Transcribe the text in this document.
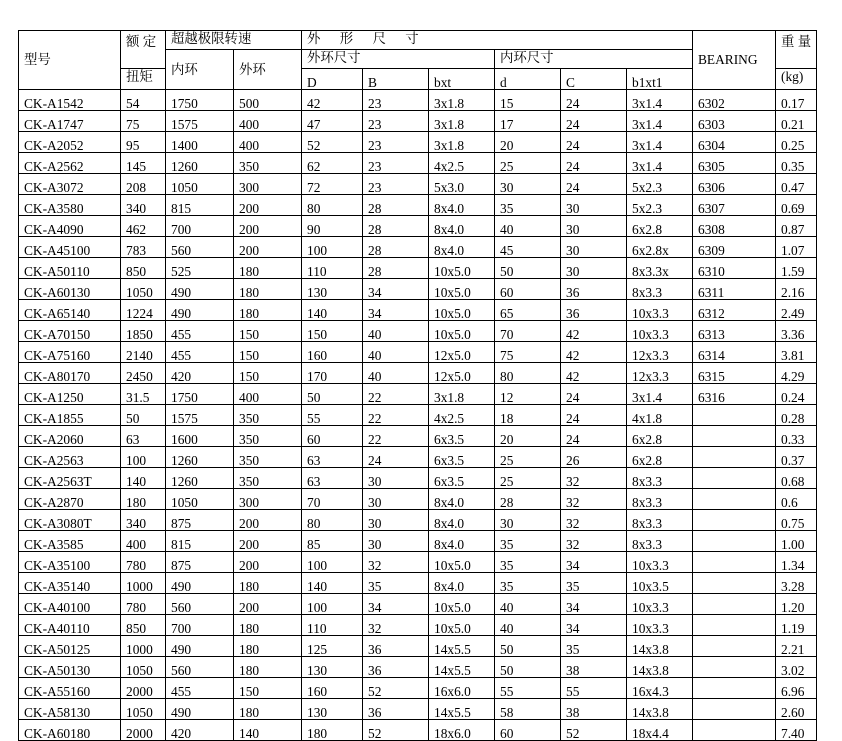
型号	额 定	超越极限转速		外 形 尺 寸						BEARING	重 量
		内环	外环	外环尺寸			内环尺寸				
	扭矩			D	B	bxt	d	C	b1xt1		(kg)
CK-A1542	54	1750	500	42	23	3x1.8	15	24	3x1.4	6302	0.17
CK-A1747	75	1575	400	47	23	3x1.8	17	24	3x1.4	6303	0.21
CK-A2052	95	1400	400	52	23	3x1.8	20	24	3x1.4	6304	0.25
CK-A2562	145	1260	350	62	23	4x2.5	25	24	3x1.4	6305	0.35
CK-A3072	208	1050	300	72	23	5x3.0	30	24	5x2.3	6306	0.47
CK-A3580	340	815	200	80	28	8x4.0	35	30	5x2.3	6307	0.69
CK-A4090	462	700	200	90	28	8x4.0	40	30	6x2.8	6308	0.87
CK-A45100	783	560	200	100	28	8x4.0	45	30	6x2.8x	6309	1.07
CK-A50110	850	525	180	110	28	10x5.0	50	30	8x3.3x	6310	1.59
CK-A60130	1050	490	180	130	34	10x5.0	60	36	8x3.3	6311	2.16
CK-A65140	1224	490	180	140	34	10x5.0	65	36	10x3.3	6312	2.49
CK-A70150	1850	455	150	150	40	10x5.0	70	42	10x3.3	6313	3.36
CK-A75160	2140	455	150	160	40	12x5.0	75	42	12x3.3	6314	3.81
CK-A80170	2450	420	150	170	40	12x5.0	80	42	12x3.3	6315	4.29
CK-A1250	31.5	1750	400	50	22	3x1.8	12	24	3x1.4	6316	0.24
CK-A1855	50	1575	350	55	22	4x2.5	18	24	4x1.8		0.28
CK-A2060	63	1600	350	60	22	6x3.5	20	24	6x2.8		0.33
CK-A2563	100	1260	350	63	24	6x3.5	25	26	6x2.8		0.37
CK-A2563T	140	1260	350	63	30	6x3.5	25	32	8x3.3		0.68
CK-A2870	180	1050	300	70	30	8x4.0	28	32	8x3.3		0.6
CK-A3080T	340	875	200	80	30	8x4.0	30	32	8x3.3		0.75
CK-A3585	400	815	200	85	30	8x4.0	35	32	8x3.3		1.00
CK-A35100	780	875	200	100	32	10x5.0	35	34	10x3.3		1.34
CK-A35140	1000	490	180	140	35	8x4.0	35	35	10x3.5		3.28
CK-A40100	780	560	200	100	34	10x5.0	40	34	10x3.3		1.20
CK-A40110	850	700	180	110	32	10x5.0	40	34	10x3.3		1.19
CK-A50125	1000	490	180	125	36	14x5.5	50	35	14x3.8		2.21
CK-A50130	1050	560	180	130	36	14x5.5	50	38	14x3.8		3.02
CK-A55160	2000	455	150	160	52	16x6.0	55	55	16x4.3		6.96
CK-A58130	1050	490	180	130	36	14x5.5	58	38	14x3.8		2.60
CK-A60180	2000	420	140	180	52	18x6.0	60	52	18x4.4		7.40
